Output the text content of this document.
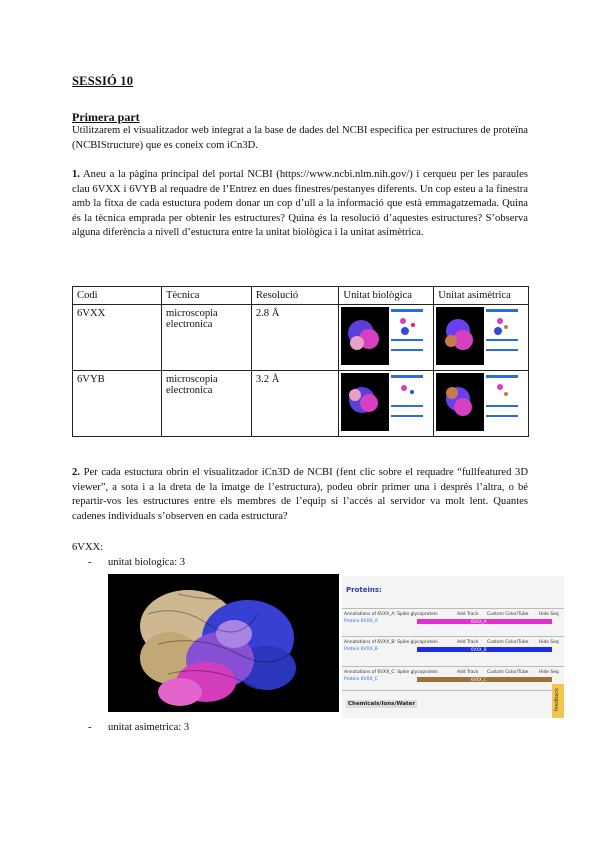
SESSIÓ 10
Primera part

Utilitzarem el visualitzador web integrat a la base de dades del NCBI especifica per estructures de proteïna (NCBIStructure) que es coneix com iCn3D.

1. Aneu a la pàgina principal del portal NCBI (https://www.ncbi.nlm.nih.gov/) i cerqueu per les paraules clau 6VXX i 6VYB al requadre de l’Entrez en dues finestres/pestanyes diferents. Un cop esteu a la finestra amb la fitxa de cada estuctura podem donar un cop d’ull a la informació que està emmagatzemada. Quina és la tècnica emprada per obtenir les estructures? Quina és la resolució d’aquestes estructures? S’observa alguna diferència a nivell d’estuctura entre la unitat biològica i la unitat asimètrica.

Codi	Tècnica	Resolució	Unitat biològica	Unitat asimètrica
6VXX	microscopia electronica	2.8 Å	

6VYB	microscopia electronica	3.2 Å	

2. Per cada estuctura obrin el visualitzador iCn3D de NCBI (fent clic sobre el requadre “fullfeatured 3D viewer”, a sota i a la dreta de la imatge de l’estructura), podeu obrir primer una i després l’altra, o bé repartir-vos les estructures entre els membres de l’equip si l’accés al servidor va molt lent. Quantes cadenes individuals s’observen en cada estructura?

6VXX:
- unitat biologica: 3
Proteins:
Annotations of 6VXX_A: Spike glycoprotein	Add Track Custom Color/Tube Hide Seq
Protein 6VXX_A	6VXX_A
Annotations of 6VXX_B: Spike glycoprotein	Add Track Custom Color/Tube Hide Seq
Protein 6VXX_B	6VXX_B
Annotations of 6VXX_C: Spike glycoprotein	Add Track Custom Color/Tube Hide Seq
Protein 6VXX_C	6VXX_C
Chemicals/Ions/Water	feedback
- unitat asimetrica: 3
